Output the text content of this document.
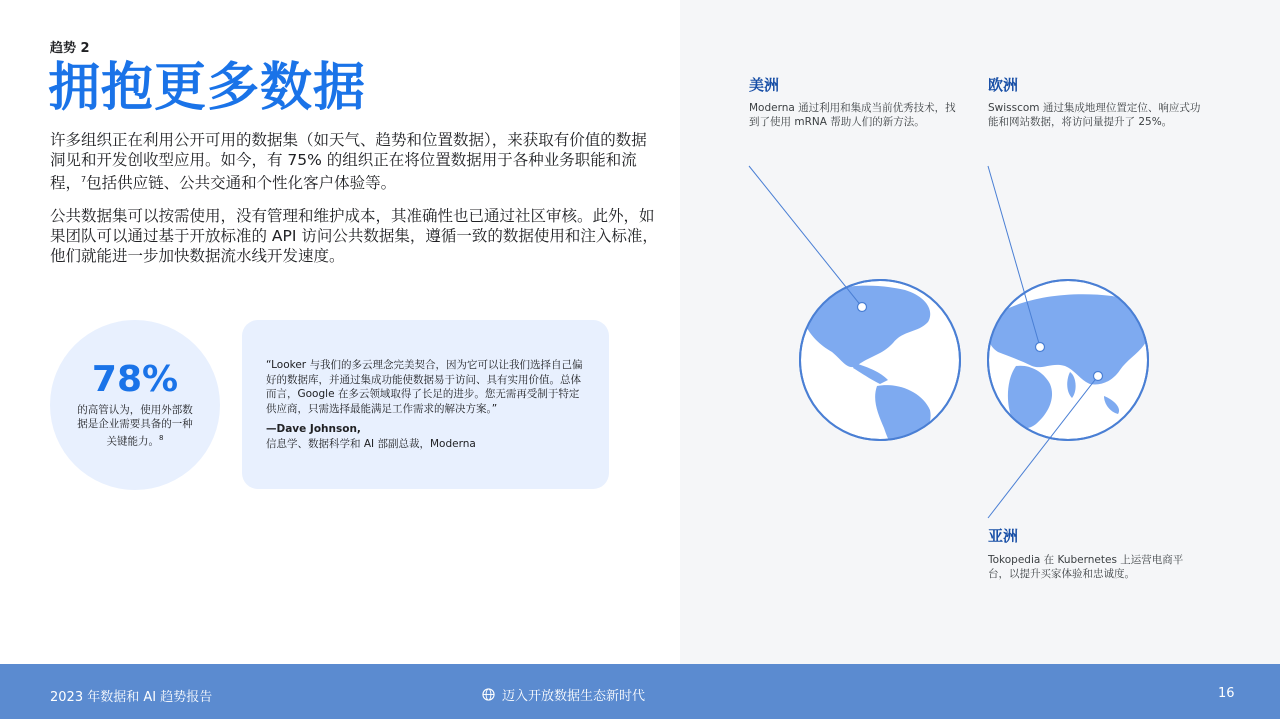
趋势 2
拥抱更多数据

许多组织正在利用公开可用的数据集（如天气、趋势和位置数据），来获取有价值的数据洞见和开发创收型应用。如今，有 75% 的组织正在将位置数据用于各种业务职能和流程，$^7$包括供应链、公共交通和个性化客户体验等。

公共数据集可以按需使用，没有管理和维护成本，其准确性也已通过社区审核。此外，如果团队可以通过基于开放标准的 API 访问公共数据集，遵循一致的数据使用和注入标准，他们就能进一步加快数据流水线开发速度。

78%
的高管认为，使用外部数据是企业需要具备的一种关键能力。$^8$

“Looker 与我们的多云理念完美契合，因为它可以让我们选择自己偏好的数据库，并通过集成功能使数据易于访问、具有实用价值。总体而言，Google 在多云领域取得了长足的进步。您无需再受制于特定供应商，只需选择最能满足工作需求的解决方案。”

—Dave Johnson,
信息学、数据科学和 AI 部副总裁，Moderna
美洲

Moderna 通过利用和集成当前优秀技术，找到了使用 mRNA 帮助人们的新方法。

欧洲

Swisscom 通过集成地理位置定位、响应式功能和网站数据，将访问量提升了 25%。

亚洲

Tokopedia 在 Kubernetes 上运营电商平台，以提升买家体验和忠诚度。

2023 年数据和 AI 趋势报告	迈入开放数据生态新时代	16
